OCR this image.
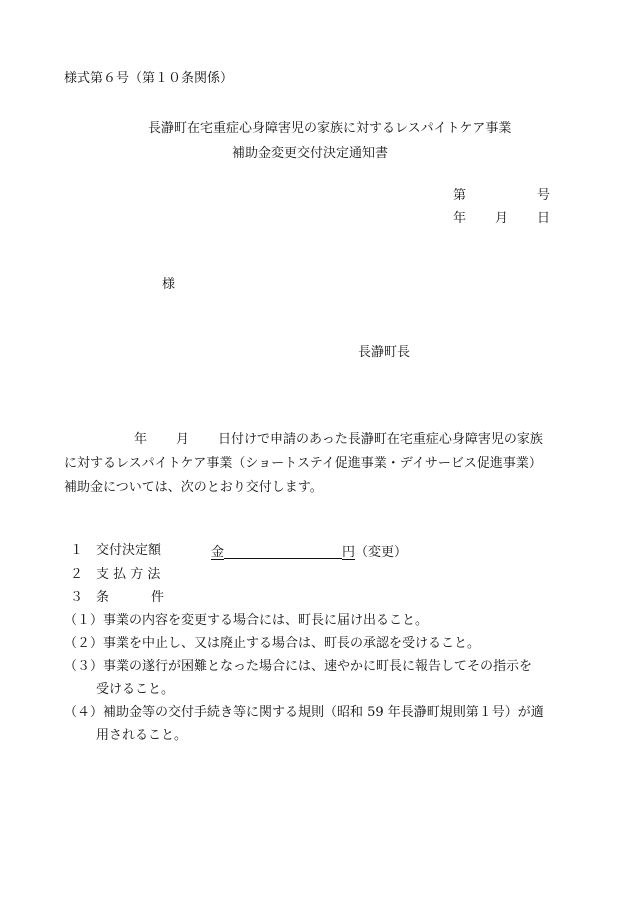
様式第６号（第１０条関係）
長瀞町在宅重症心身障害児の家族に対するレスパイトケア事業
補助金変更交付決定通知書
第	号
年 月 日
様
長瀞町長
年 月 日付けで申請のあった長瀞町在宅重症心身障害児の家族
に対するレスパイトケア事業（ショートステイ促進事業・デイサービス促進事業）
補助金については、次のとおり交付します。
１ 交付決定額	金	円（変更）
２ 支 払 方 法
３ 条	件
（１）事業の内容を変更する場合には、町長に届け出ること。
（２）事業を中止し、又は廃止する場合は、町長の承認を受けること。
（３）事業の遂行が困難となった場合には、速やかに町長に報告してその指示を
受けること。
（４）補助金等の交付手続き等に関する規則（昭和 59 年長瀞町規則第１号）が適
用されること。
